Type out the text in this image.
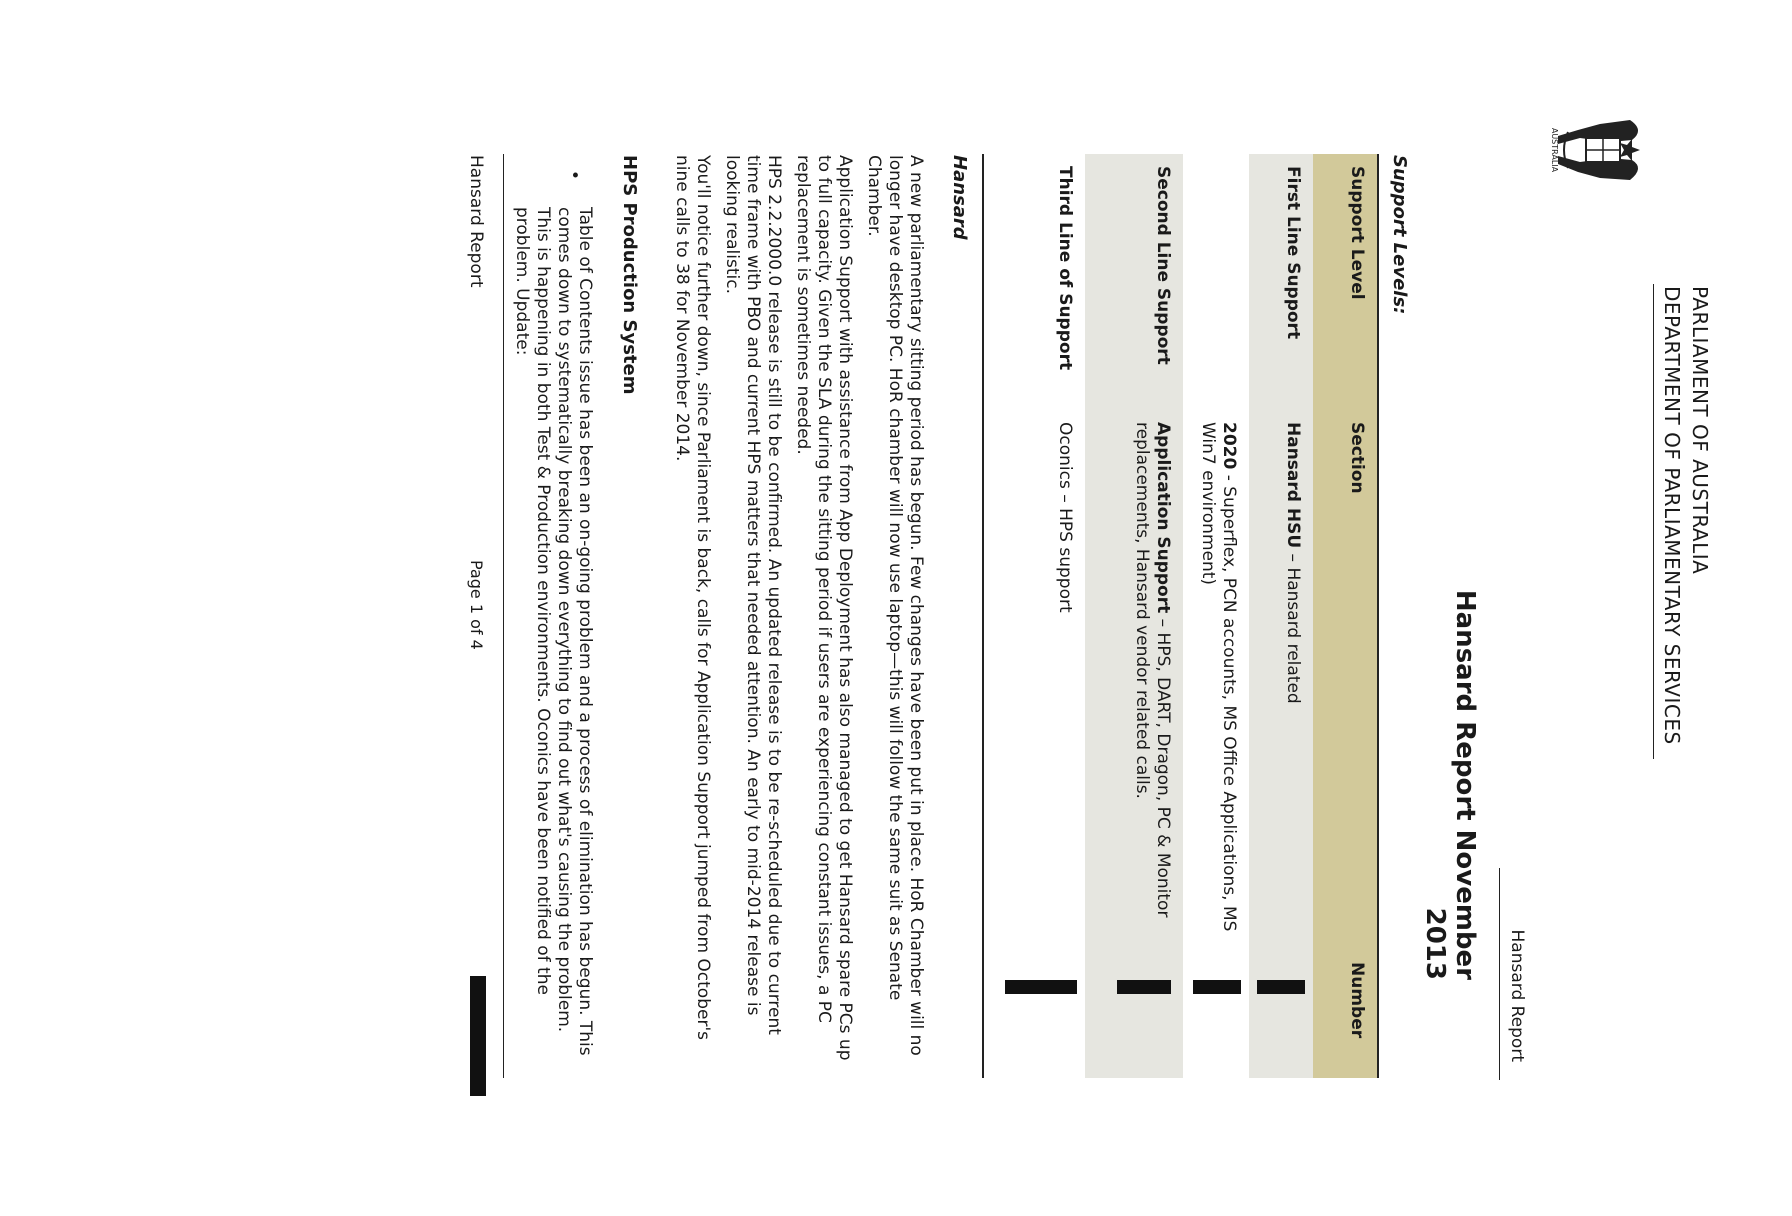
AUSTRALIA
PARLIAMENT OF AUSTRALIA
DEPARTMENT OF PARLIAMENTARY SERVICES
Hansard Report
Hansard Report November 2013
Support Levels:
Support Level
Section
Number
First Line Support
Hansard HSU – Hansard related
2020 - Superflex, PCN accounts, MS Office Applications, MS Win7 environment)
Second Line Support
Application Support – HPS, DART, Dragon, PC & Monitor replacements, Hansard vendor related calls.
Third Line of Support
Oconics – HPS support
Hansard
A new parliamentary sitting period has begun. Few changes have been put in place. HoR Chamber will no longer have desktop PC. HoR chamber will now use laptop—this will follow the same suit as Senate Chamber.
Application Support with assistance from App Deployment has also managed to get Hansard spare PCs up to full capacity. Given the SLA during the sitting period if users are experiencing constant issues, a PC replacement is sometimes needed.
HPS 2.2.2000.0 release is still to be confirmed. An updated release is to be re-scheduled due to current time frame with PBO and current HPS matters that needed attention. An early to mid-2014 release is looking realistic.
You'll notice further down, since Parliament is back, calls for Application Support jumped from October's nine calls to 38 for November 2014.
HPS Production System
•
Table of Contents issue has been an on-going problem and a process of elimination has begun. This comes down to systematically breaking down everything to find out what's causing the problem. This is happening in both Test & Production environments. Oconics have been notified of the problem. Update:
Hansard Report
Page 1 of 4
